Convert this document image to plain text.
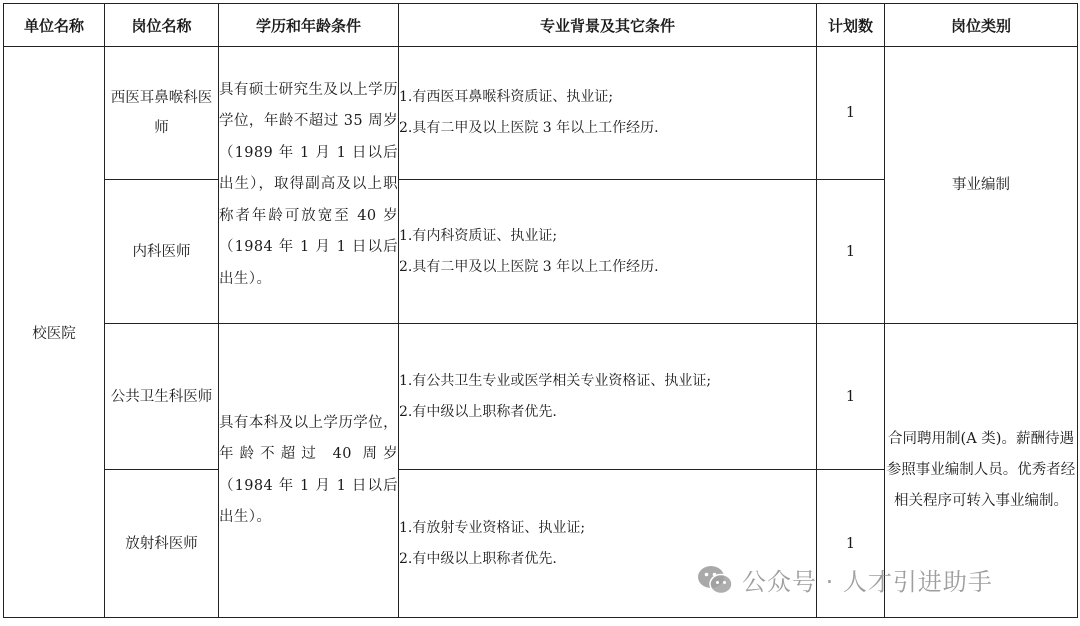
单位名称	岗位名称	学历和年龄条件	专业背景及其它条件	计划数	岗位类别
校医院	西医耳鼻喉科医师	具有硕士研究生及以上学历学位，年龄不超过 35 周岁（1989 年 1 月 1 日以后出生），取得副高及以上职称者年龄可放宽至 40 岁（1984 年 1 月 1 日以后出生）。	1.有西医耳鼻喉科资质证、执业证;
2.具有二甲及以上医院 3 年以上工作经历.	1	事业编制
	内科医师		1.有内科资质证、执业证;
2.具有二甲及以上医院 3 年以上工作经历.	1	
	公共卫生科医师	具有本科及以上学历学位，年龄不超过 40 周岁（1984 年 1 月 1 日以后出生）。	1.有公共卫生专业或医学相关专业资格证、执业证;
2.有中级以上职称者优先.	1	合同聘用制(A 类)。薪酬待遇参照事业编制人员。优秀者经相关程序可转入事业编制。
	放射科医师		1.有放射专业资格证、执业证;
2.有中级以上职称者优先.	1	
公众号 · 人才引进助手
